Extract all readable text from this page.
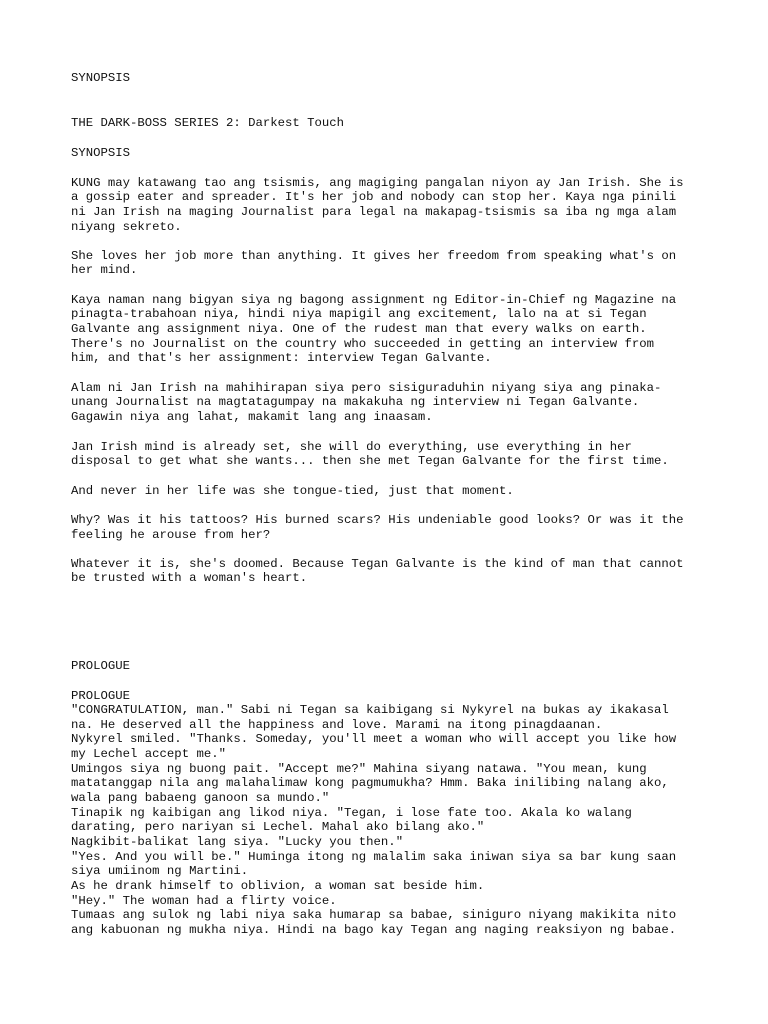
SYNOPSIS
THE DARK-BOSS SERIES 2: Darkest Touch
SYNOPSIS
KUNG may katawang tao ang tsismis, ang magiging pangalan niyon ay Jan Irish. She is
a gossip eater and spreader. It's her job and nobody can stop her. Kaya nga pinili
ni Jan Irish na maging Journalist para legal na makapag-tsismis sa iba ng mga alam
niyang sekreto.
She loves her job more than anything. It gives her freedom from speaking what's on
her mind.
Kaya naman nang bigyan siya ng bagong assignment ng Editor-in-Chief ng Magazine na
pinagta-trabahoan niya, hindi niya mapigil ang excitement, lalo na at si Tegan
Galvante ang assignment niya. One of the rudest man that every walks on earth.
There's no Journalist on the country who succeeded in getting an interview from
him, and that's her assignment: interview Tegan Galvante.
Alam ni Jan Irish na mahihirapan siya pero sisiguraduhin niyang siya ang pinaka-
unang Journalist na magtatagumpay na makakuha ng interview ni Tegan Galvante.
Gagawin niya ang lahat, makamit lang ang inaasam.
Jan Irish mind is already set, she will do everything, use everything in her
disposal to get what she wants... then she met Tegan Galvante for the first time.
And never in her life was she tongue-tied, just that moment.
Why? Was it his tattoos? His burned scars? His undeniable good looks? Or was it the
feeling he arouse from her?
Whatever it is, she's doomed. Because Tegan Galvante is the kind of man that cannot
be trusted with a woman's heart.
PROLOGUE
PROLOGUE
"CONGRATULATION, man." Sabi ni Tegan sa kaibigang si Nykyrel na bukas ay ikakasal
na. He deserved all the happiness and love. Marami na itong pinagdaanan.
Nykyrel smiled. "Thanks. Someday, you'll meet a woman who will accept you like how
my Lechel accept me."
Umingos siya ng buong pait. "Accept me?" Mahina siyang natawa. "You mean, kung
matatanggap nila ang malahalimaw kong pagmumukha? Hmm. Baka inilibing nalang ako,
wala pang babaeng ganoon sa mundo."
Tinapik ng kaibigan ang likod niya. "Tegan, i lose fate too. Akala ko walang
darating, pero nariyan si Lechel. Mahal ako bilang ako."
Nagkibit-balikat lang siya. "Lucky you then."
"Yes. And you will be." Huminga itong ng malalim saka iniwan siya sa bar kung saan
siya umiinom ng Martini.
As he drank himself to oblivion, a woman sat beside him.
"Hey." The woman had a flirty voice.
Tumaas ang sulok ng labi niya saka humarap sa babae, siniguro niyang makikita nito
ang kabuonan ng mukha niya. Hindi na bago kay Tegan ang naging reaksiyon ng babae.
